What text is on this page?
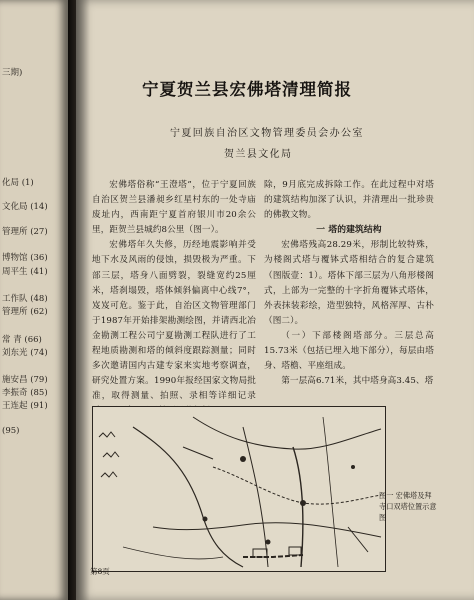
三期)
化局 (1)
文化局 (14)
管理所 (27)
博物馆 (36)
周平生 (41)
工作队 (48)
管理所 (62)
常 青 (66)
刘东光 (74)
施安昌 (79)
李振奇 (85)
王连起 (91)
(95)
宁夏贺兰县宏佛塔清理简报
宁夏回族自治区文物管理委员会办公室
贺兰县文化局

宏佛塔俗称“王澄塔”，位于宁夏回族自治区贺兰县潘昶乡红星村东的一处寺庙废址内，西南距宁夏首府银川市20余公里，距贺兰县城约8公里（图一）。

宏佛塔年久失修，历经地震影响并受地下水及风雨的侵蚀，损毁极为严重。下部三层，塔身八面劈裂，裂缝宽约25厘米，塔刹塌毁，塔体倾斜偏离中心线7°，岌岌可危。鉴于此，自治区文物管理部门于1987年开始排架勘测绘图，并请西北冶金勘测工程公司宁夏勘测工程队进行了工程地质勘测和塔的倾斜度跟踪测量；同时多次邀请国内古建专家来实地考察调查，研究处置方案。1990年报经国家文物局批准，取得测量、拍照、录相等详细记录

除，9月底完成拆除工作。在此过程中对塔的建筑结构加深了认识，并清理出一批珍贵的佛教文物。

一 塔的建筑结构

宏佛塔残高28.29米，形制比较特殊，为楼阁式塔与覆钵式塔相结合的复合建筑（图版壹：1）。塔体下部三层为八角形楼阁式，上部为一完整的十字折角覆钵式塔体，外表抹装彩绘，造型独特，风格浑厚、古朴（图二）。

（一）下部楼阁塔部分。三层总高15.73米（包括已埋入地下部分），每层由塔身、塔檐、平座组成。

第一层高6.71米，其中塔身高3.45、塔

图一 宏佛塔及拜寺口双塔位置示意图
第8页
